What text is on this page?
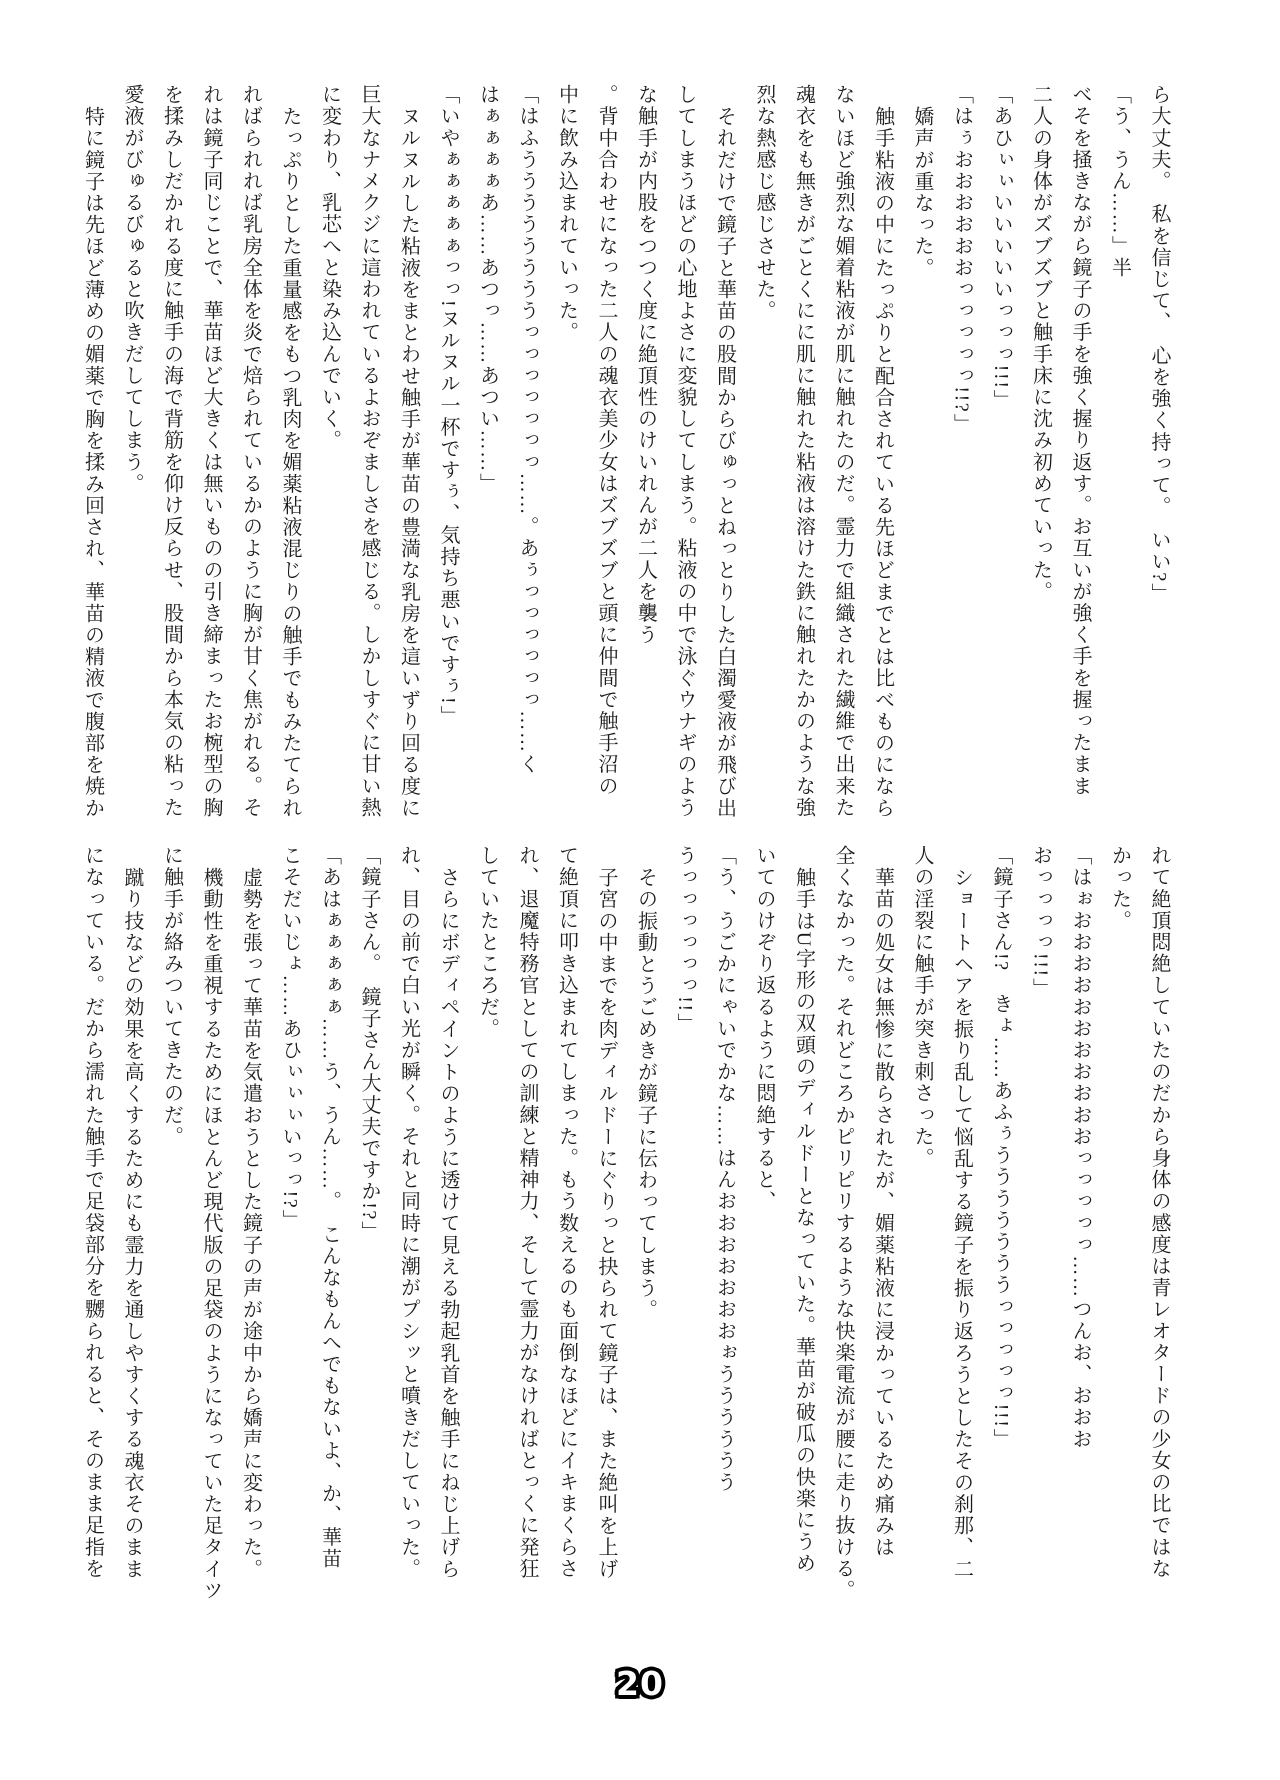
ら大丈夫。　私を信じて、　心を強く持って。　いい?」

「う、うん……」半

べそを掻きながら鏡子の手を強く握り返す。お互いが強く手を握ったまま

二人の身体がズブズブと触手床に沈み初めていった。

「あひぃぃいいいいいっっっ!!!」

「はぅおおおおおおっっっっっ!!?」

嬌声が重なった。

触手粘液の中にたっぷりと配合されている先ほどまでとは比べものになら

ないほど強烈な媚着粘液が肌に触れたのだ。霊力で組織された繊維で出来た

魂衣をも無きがごとくにに肌に触れた粘液は溶けた鉄に触れたかのような強

烈な熱感じ感じさせた。

それだけで鏡子と華苗の股間からびゅっとねっとりした白濁愛液が飛び出

してしまうほどの心地よさに変貌してしまう。粘液の中で泳ぐウナギのよう

な触手が内股をつつく度に絶頂性のけいれんが二人を襲う

。背中合わせになった二人の魂衣美少女はズブズブと頭に仲間で触手沼の

中に飲み込まれていった。

「はふううううううううっっっっっっっ……。あぅっっっっっっ……く

はぁぁぁぁあ……あつっ……あつい……」

「いやぁぁぁぁぁっっ!ヌルヌル一杯ですぅ、気持ち悪いですぅ!」

ヌルヌルした粘液をまとわせ触手が華苗の豊満な乳房を這いずり回る度に

巨大なナメクジに這われているよおぞましさを感じる。しかしすぐに甘い熱

に変わり、乳芯へと染み込んでいく。

たっぷりとした重量感をもつ乳肉を媚薬粘液混じりの触手でもみたてられ

ればられれば乳房全体を炎で焙られているかのように胸が甘く焦がれる。そ

れは鏡子同じことで、華苗ほど大きくは無いものの引き締まったお椀型の胸

を揉みしだかれる度に触手の海で背筋を仰け反らせ、股間から本気の粘った

愛液がびゅるびゅると吹きだしてしまう。

特に鏡子は先ほど薄めの媚薬で胸を揉み回され、華苗の精液で腹部を焼か

れて絶頂悶絶していたのだから身体の感度は青レオタードの少女の比ではな

かった。

「はぉおおおおおおおおおおおっっっっっ……つんお、おおお

おっっっっ!!!」

「鏡子さん!?　きょ……あふぅうううううううっっっっっ!!!」

ショートヘアを振り乱して悩乱する鏡子を振り返ろうとしたその刹那、二

人の淫裂に触手が突き刺さった。

華苗の処女は無惨に散らされたが、媚薬粘液に浸かっているため痛みは

全くなかった。それどころかピリピリするような快楽電流が腰に走り抜ける。

触手はU字形の双頭のディルドーとなっていた。華苗が破瓜の快楽にうめ

いてのけぞり返るように悶絶すると、

「う、うごかにゃいでかな……はんおおおおおおおぉうううううう

うっっっっっっ!!」

その振動とうごめきが鏡子に伝わってしまう。

子宮の中までを肉ディルドーにぐりっと抉られて鏡子は、また絶叫を上げ

て絶頂に叩き込まれてしまった。もう数えるのも面倒なほどにイキまくらさ

れ、退魔特務官としての訓練と精神力、そして霊力がなければとっくに発狂

していたところだ。

さらにボディペイントのように透けて見える勃起乳首を触手にねじ上げら

れ、目の前で白い光が瞬く。それと同時に潮がプシッと噴きだしていった。

「鏡子さん。　鏡子さん大丈夫ですか!?」

「あはぁぁぁぁぁ……う、うん……。　こんなもんへでもないよ、か、華苗

こそだいじょ……あひぃぃぃいっっ!?」

虚勢を張って華苗を気遣おうとした鏡子の声が途中から嬌声に変わった。

機動性を重視するためにほとんど現代版の足袋のようになっていた足タイツ

に触手が絡みついてきたのだ。

蹴り技などの効果を高くするためにも霊力を通しやすくする魂衣そのまま

になっている。だから濡れた触手で足袋部分を嬲られると、そのまま足指を

20
